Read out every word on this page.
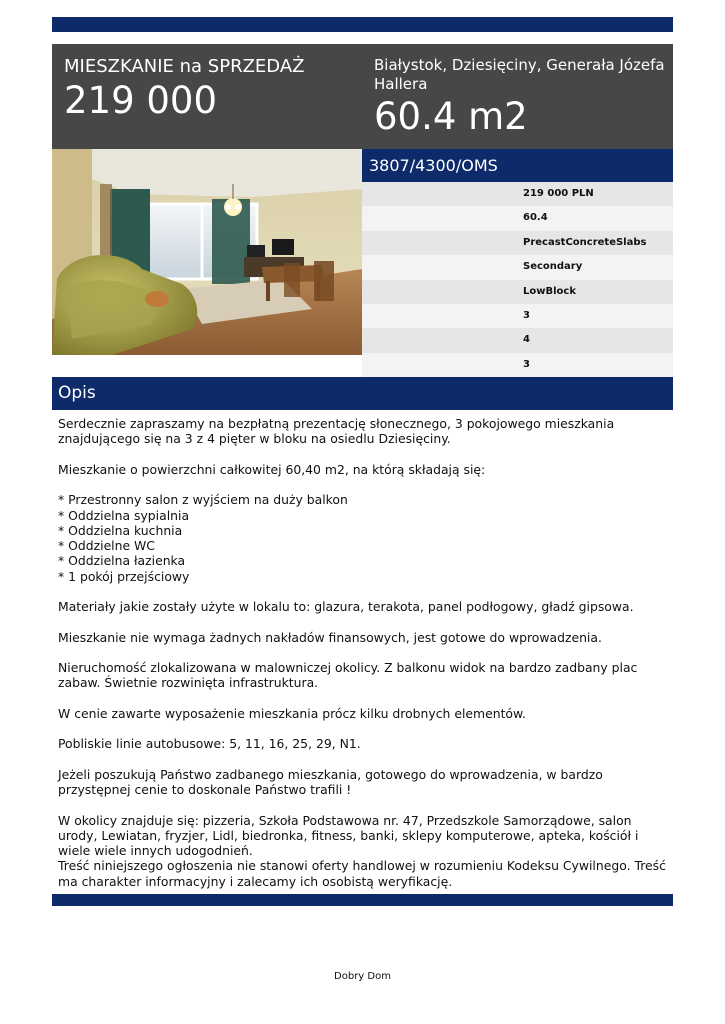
MIESZKANIE na SPRZEDAŻ
219 000
Białystok, Dziesięciny, Generała Józefa Hallera
60.4 m2
3807/4300/OMS
219 000 PLN
60.4
PrecastConcreteSlabs
Secondary
LowBlock
3
4
3
Opis

Serdecznie zapraszamy na bezpłatną prezentację słonecznego, 3 pokojowego mieszkania znajdującego się na 3 z 4 pięter w bloku na osiedlu Dziesięciny.

Mieszkanie o powierzchni całkowitej 60,40 m2, na którą składają się:

* Przestronny salon z wyjściem na duży balkon

* Oddzielna sypialnia

* Oddzielna kuchnia

* Oddzielne WC

* Oddzielna łazienka

* 1 pokój przejściowy

Materiały jakie zostały użyte w lokalu to: glazura, terakota, panel podłogowy, gładź gipsowa.

Mieszkanie nie wymaga żadnych nakładów finansowych, jest gotowe do wprowadzenia.

Nieruchomość zlokalizowana w malowniczej okolicy. Z balkonu widok na bardzo zadbany plac zabaw. Świetnie rozwinięta infrastruktura.

W cenie zawarte wyposażenie mieszkania prócz kilku drobnych elementów.

Pobliskie linie autobusowe: 5, 11, 16, 25, 29, N1.

Jeżeli poszukują Państwo zadbanego mieszkania, gotowego do wprowadzenia, w bardzo przystępnej cenie to doskonale Państwo trafili !

W okolicy znajduje się: pizzeria, Szkoła Podstawowa nr. 47, Przedszkole Samorządowe, salon urody, Lewiatan, fryzjer, Lidl, biedronka, fitness, banki, sklepy komputerowe, apteka, kościół i wiele wiele innych udogodnień.

Treść niniejszego ogłoszenia nie stanowi oferty handlowej w rozumieniu Kodeksu Cywilnego. Treść ma charakter informacyjny i zalecamy ich osobistą weryfikację.

Dobry Dom
